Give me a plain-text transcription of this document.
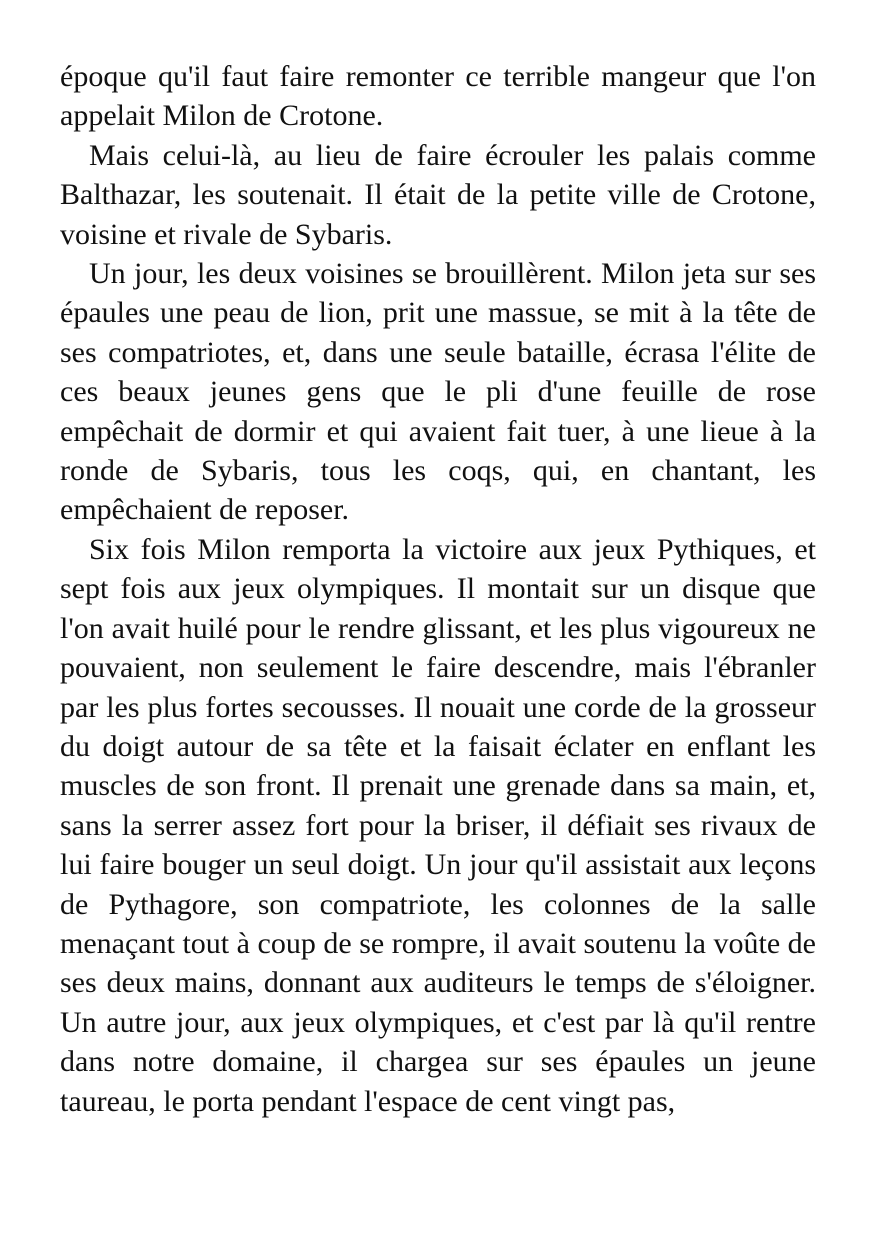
époque qu'il faut faire remonter ce terrible mangeur que l'on appelait Milon de Crotone.

Mais celui-là, au lieu de faire écrouler les palais comme Balthazar, les soutenait. Il était de la petite ville de Crotone, voisine et rivale de Sybaris.

Un jour, les deux voisines se brouillèrent. Milon jeta sur ses épaules une peau de lion, prit une massue, se mit à la tête de ses compatriotes, et, dans une seule bataille, écrasa l'élite de ces beaux jeunes gens que le pli d'une feuille de rose empêchait de dormir et qui avaient fait tuer, à une lieue à la ronde de Sybaris, tous les coqs, qui, en chantant, les empêchaient de reposer.

Six fois Milon remporta la victoire aux jeux Pythiques, et sept fois aux jeux olympiques. Il montait sur un disque que l'on avait huilé pour le rendre glissant, et les plus vigoureux ne pouvaient, non seulement le faire descendre, mais l'ébranler par les plus fortes secousses. Il nouait une corde de la grosseur du doigt autour de sa tête et la faisait éclater en enflant les muscles de son front. Il prenait une grenade dans sa main, et, sans la serrer assez fort pour la briser, il défiait ses rivaux de lui faire bouger un seul doigt. Un jour qu'il assistait aux leçons de Pythagore, son compatriote, les colonnes de la salle menaçant tout à coup de se rompre, il avait soutenu la voûte de ses deux mains, donnant aux auditeurs le temps de s'éloigner. Un autre jour, aux jeux olympiques, et c'est par là qu'il rentre dans notre domaine, il chargea sur ses épaules un jeune taureau, le porta pendant l'espace de cent vingt pas,
